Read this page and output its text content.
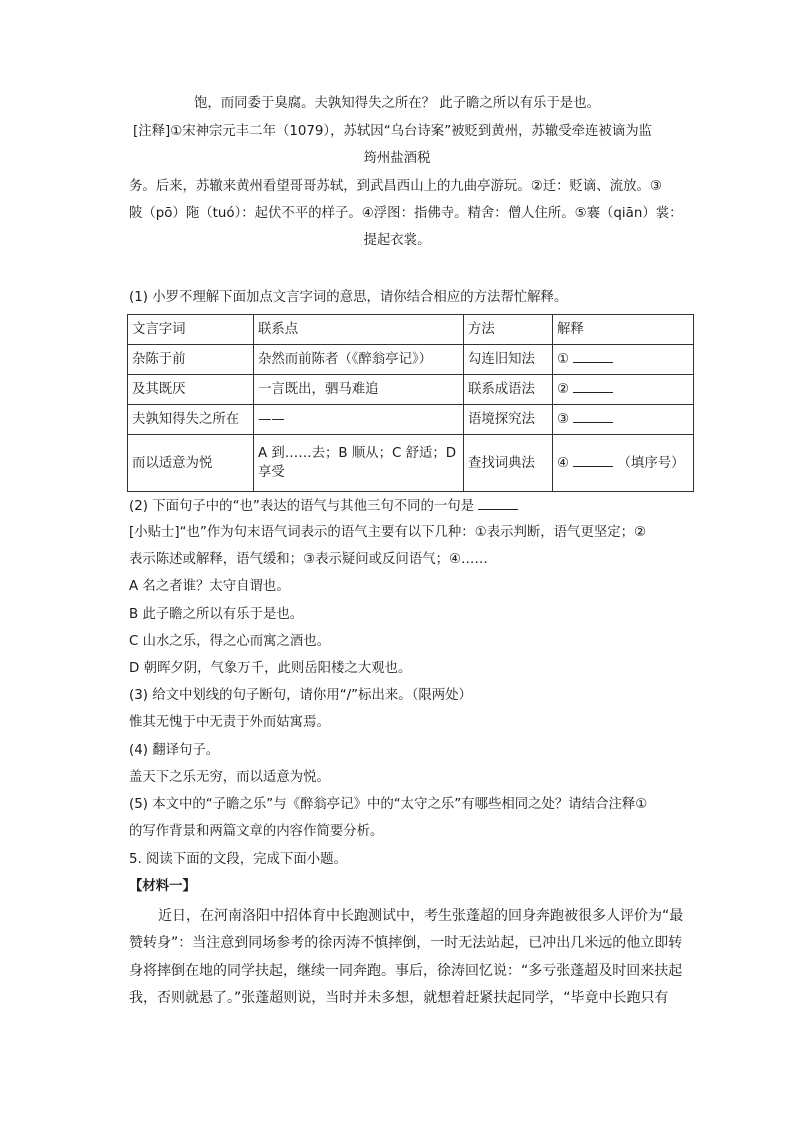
饱，而同委于臭腐。夫孰知得失之所在？ 此子瞻之所以有乐于是也。
[注释]①宋神宗元丰二年（1079），苏轼因“乌台诗案”被贬到黄州，苏辙受牵连被谪为监
筠州盐酒税
务。后来，苏辙来黄州看望哥哥苏轼，到武昌西山上的九曲亭游玩。②迁：贬谪、流放。③
陂（pō）陁（tuó）：起伏不平的样子。④浮图：指佛寺。精舍：僧人住所。⑤褰（qiān）裳：
提起衣裳。
(1) 小罗不理解下面加点文言字词的意思，请你结合相应的方法帮忙解释。
文言字词	联系点	方法	解释
杂陈于前	杂然而前陈者（《醉翁亭记》）	勾连旧知法	①
及其既厌	一言既出，驷马难追	联系成语法	②
夫孰知得失之所在	——	语境探究法	③
而以适意为悦	A 到……去；B 顺从；C 舒适；D
享受	查找词典法	④ （填序号）
(2) 下面句子中的“也”表达的语气与其他三句不同的一句是
[小贴士]“也”作为句末语气词表示的语气主要有以下几种：①表示判断，语气更坚定；②
表示陈述或解释，语气缓和；③表示疑问或反问语气；④……
A 名之者谁？太守自谓也。
B 此子瞻之所以有乐于是也。
C 山水之乐，得之心而寓之酒也。
D 朝晖夕阴，气象万千，此则岳阳楼之大观也。
(3) 给文中划线的句子断句，请你用“/”标出来。（限两处）
惟其无愧于中无责于外而姑寓焉。
(4) 翻译句子。
盖天下之乐无穷，而以适意为悦。
(5) 本文中的“子瞻之乐”与《醉翁亭记》中的“太守之乐”有哪些相同之处？请结合注释①
的写作背景和两篇文章的内容作简要分析。
5. 阅读下面的文段，完成下面小题。
【材料一】
近日，在河南洛阳中招体育中长跑测试中，考生张蓬超的回身奔跑被很多人评价为“最
赞转身”：当注意到同场参考的徐丙涛不慎摔倒，一时无法站起，已冲出几米远的他立即转
身将摔倒在地的同学扶起，继续一同奔跑。事后，徐涛回忆说：“多亏张蓬超及时回来扶起
我，否则就悬了。”张蓬超则说，当时并未多想，就想着赶紧扶起同学，“毕竟中长跑只有
